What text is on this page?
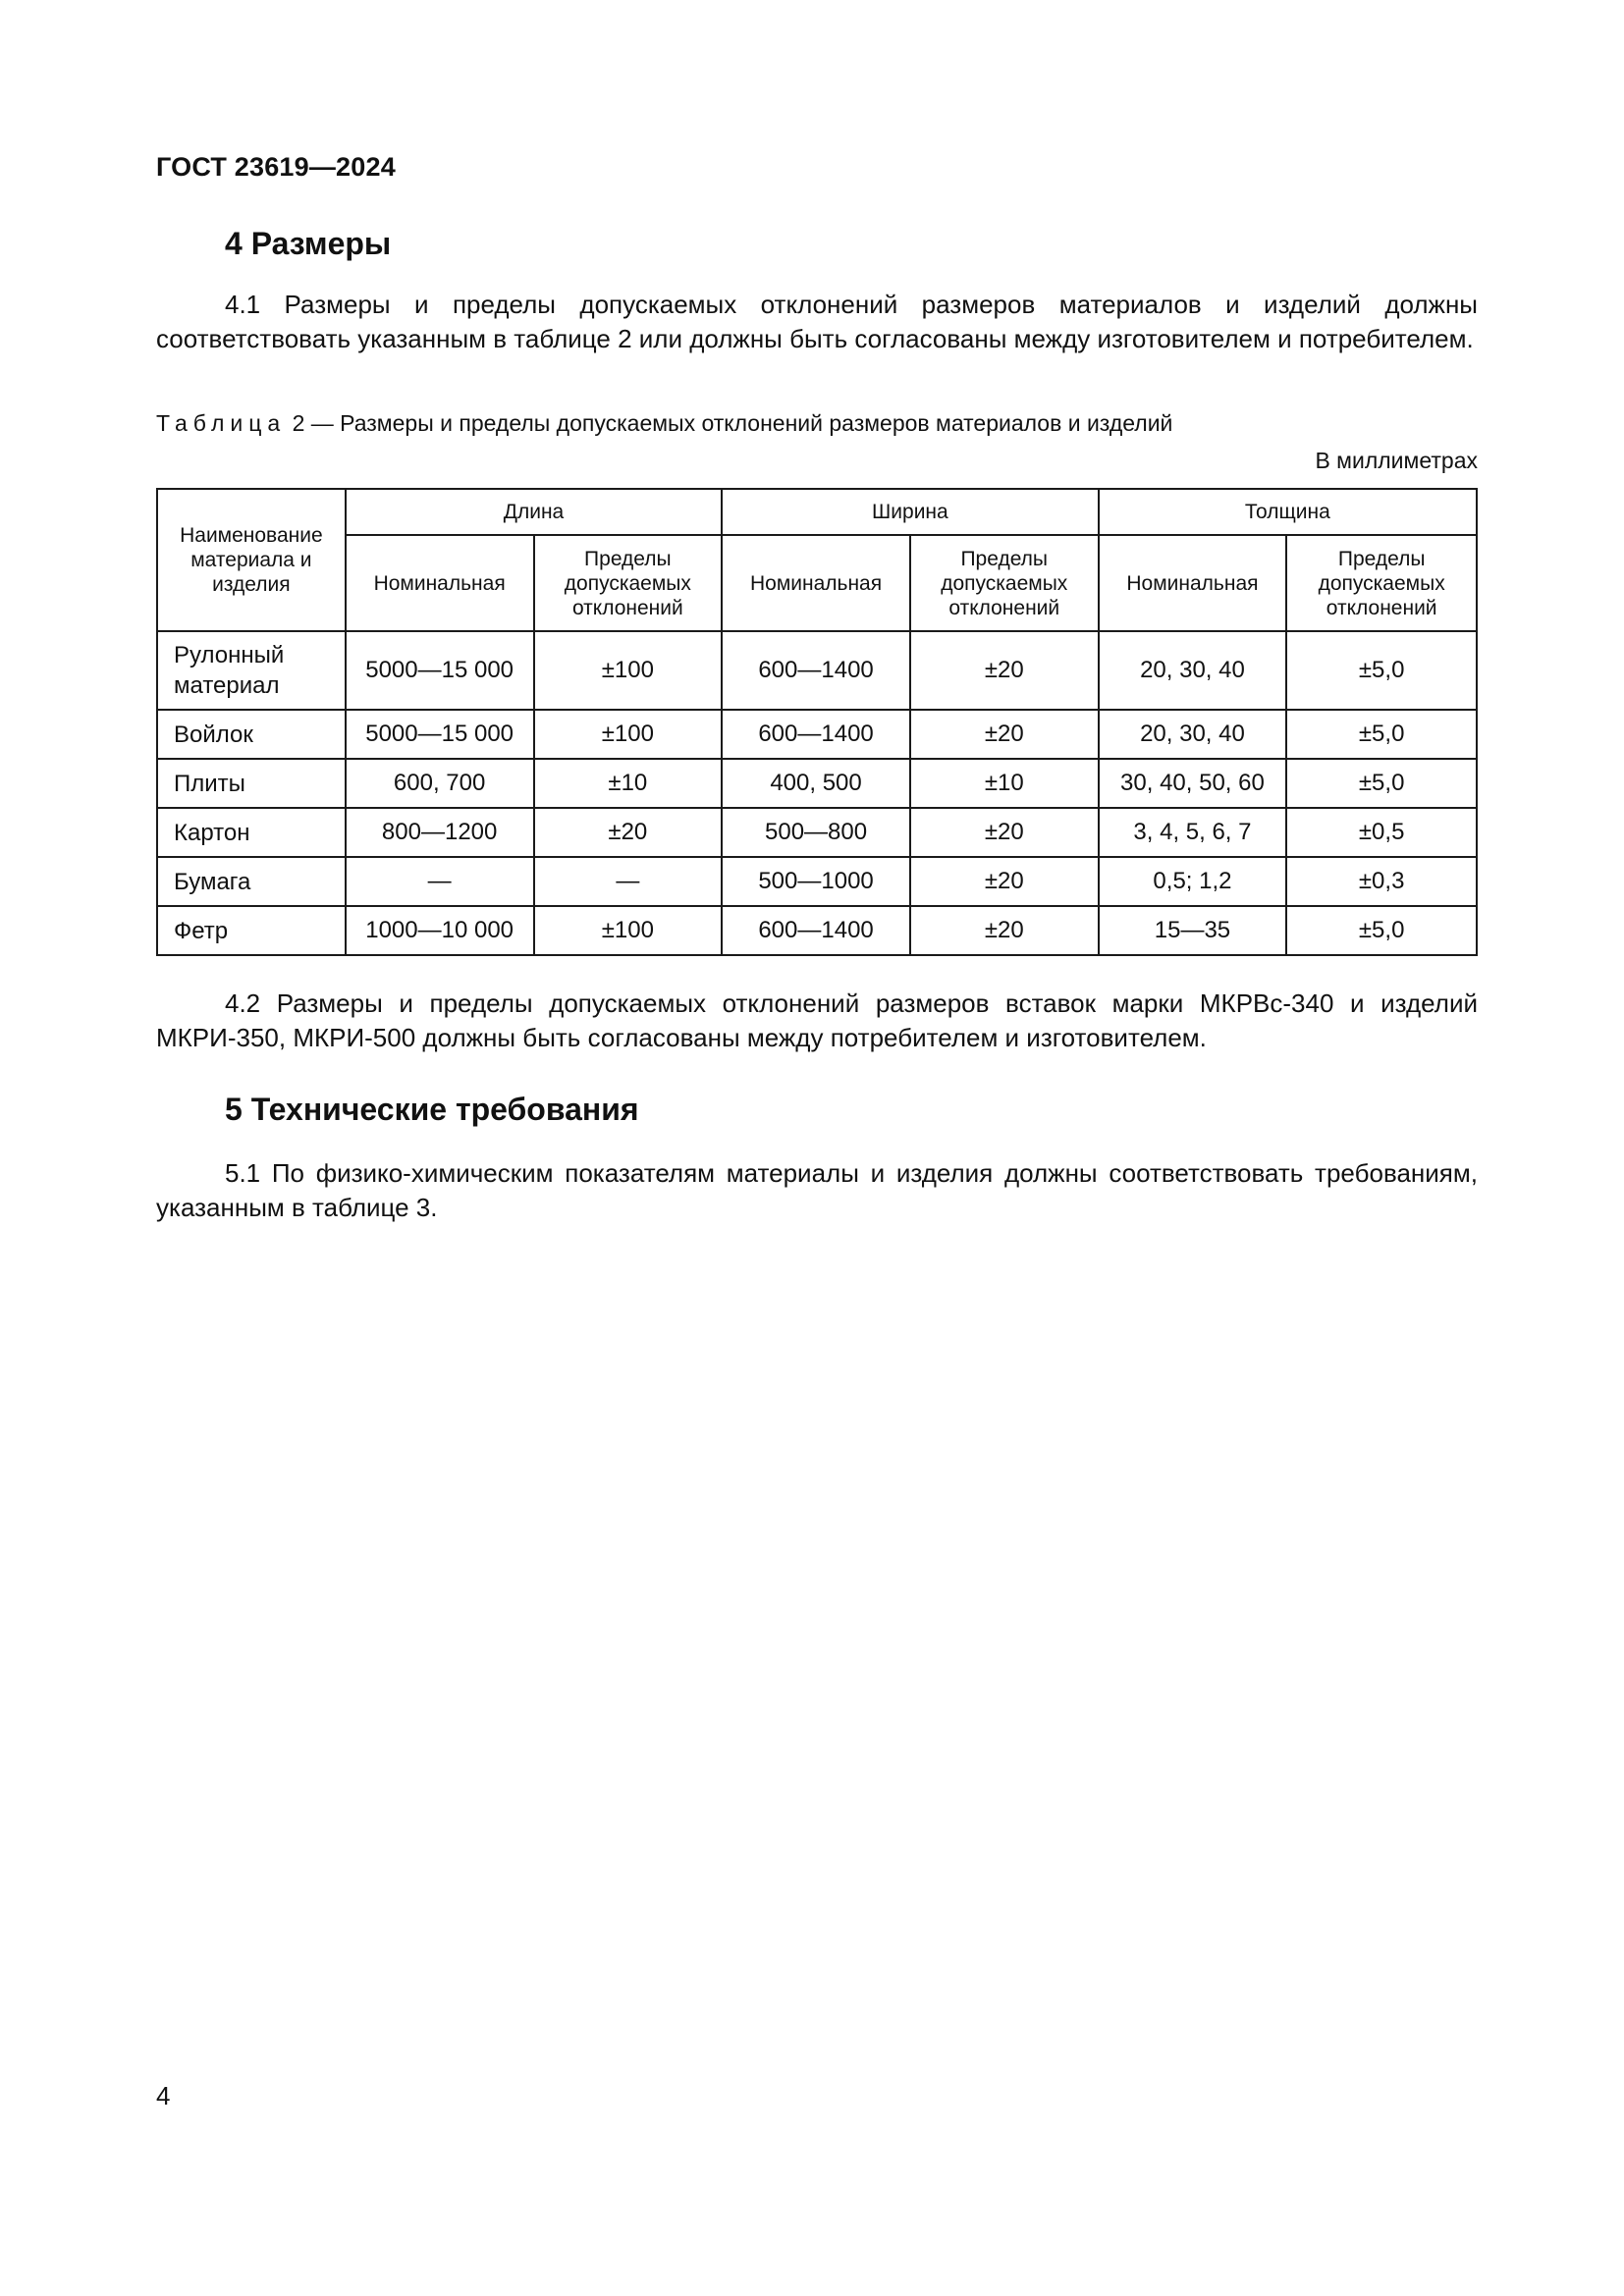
ГОСТ 23619—2024
4 Размеры

4.1 Размеры и пределы допускаемых отклонений размеров материалов и изделий должны соответствовать указанным в таблице 2 или должны быть согласованы между изготовителем и потребителем.

Таблица 2 — Размеры и пределы допускаемых отклонений размеров материалов и изделий
В миллиметрах
Наименование материала и изделия	Длина		Ширина		Толщина	
	Номинальная	Пределы допускаемых отклонений	Номинальная	Пределы допускаемых отклонений	Номинальная	Пределы допускаемых отклонений
Рулонный материал	5000—15 000	±100	600—1400	±20	20, 30, 40	±5,0
Войлок	5000—15 000	±100	600—1400	±20	20, 30, 40	±5,0
Плиты	600, 700	±10	400, 500	±10	30, 40, 50, 60	±5,0
Картон	800—1200	±20	500—800	±20	3, 4, 5, 6, 7	±0,5
Бумага	—	—	500—1000	±20	0,5; 1,2	±0,3
Фетр	1000—10 000	±100	600—1400	±20	15—35	±5,0

4.2 Размеры и пределы допускаемых отклонений размеров вставок марки МКРВс-340 и изделий МКРИ-350, МКРИ-500 должны быть согласованы между потребителем и изготовителем.

5 Технические требования

5.1 По физико-химическим показателям материалы и изделия должны соответствовать требованиям, указанным в таблице 3.

4
